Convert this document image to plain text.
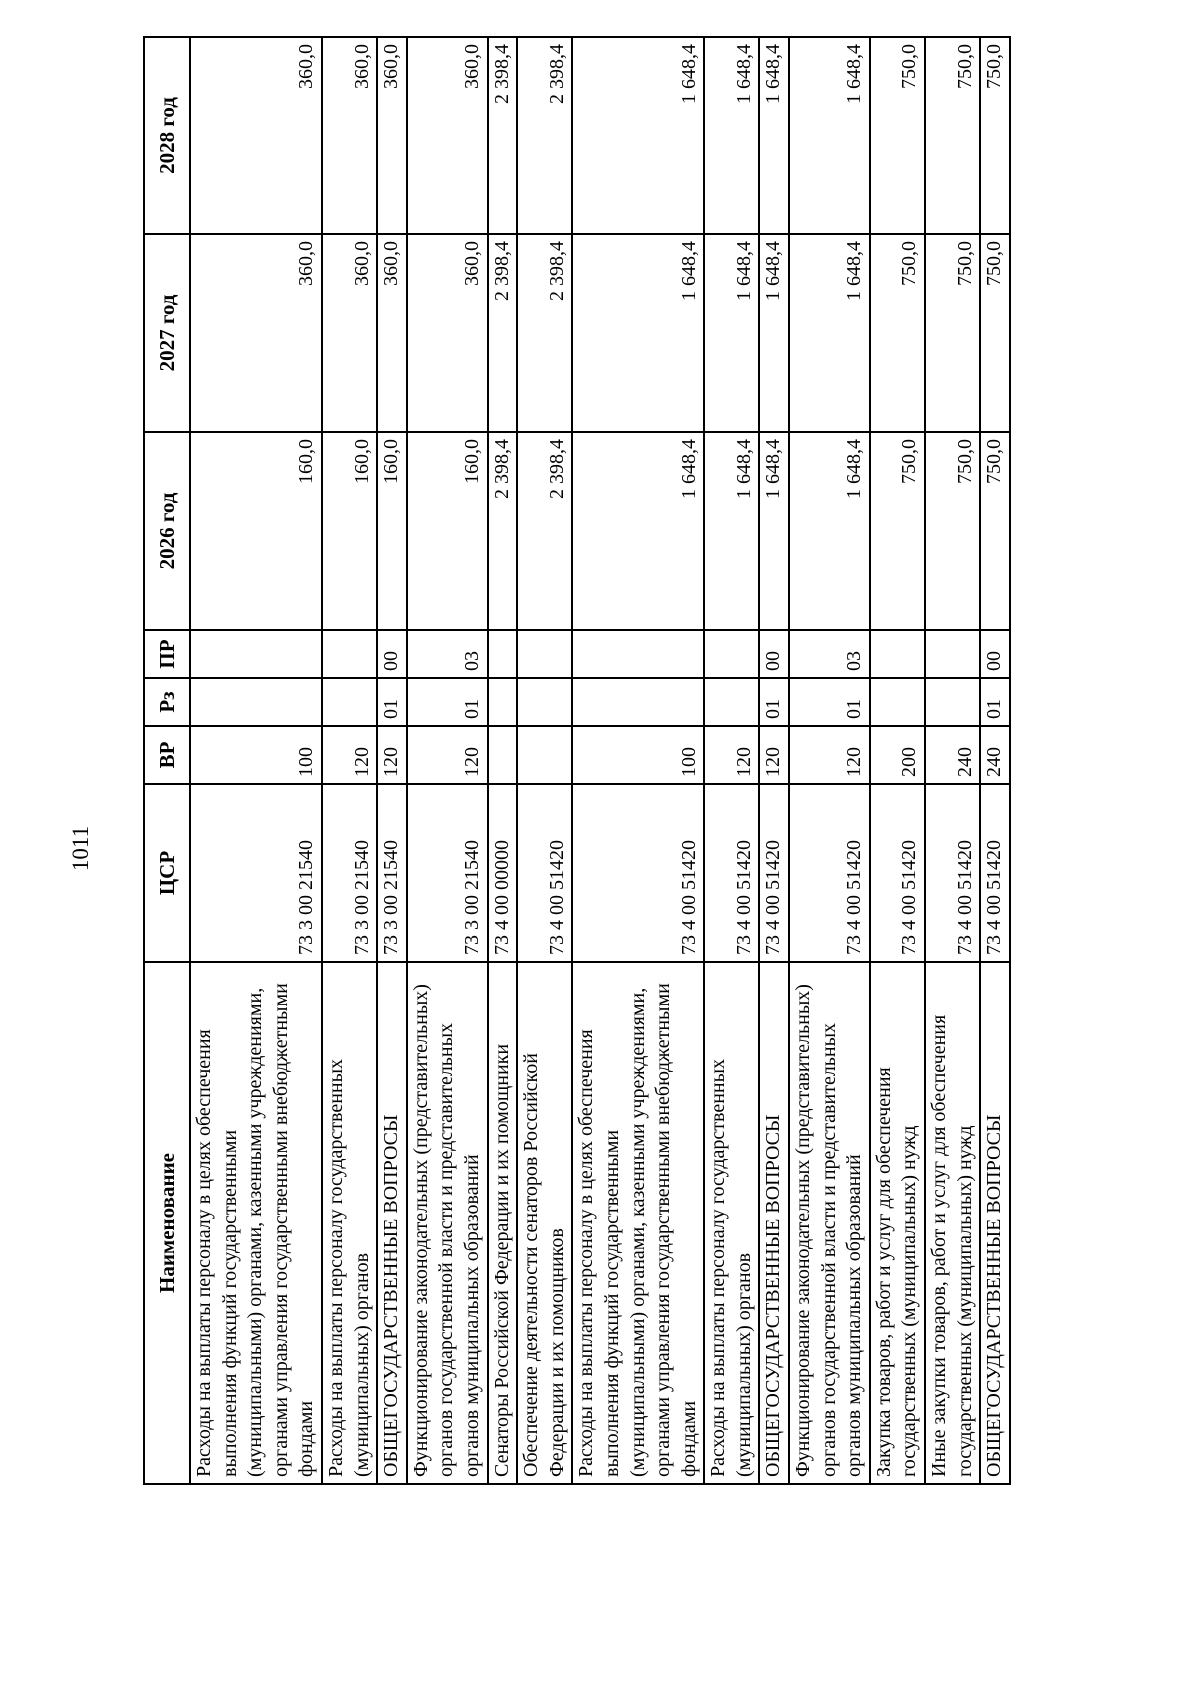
1011
Наименование	ЦСР	ВР	Рз	ПР	2026 год	2027 год	2028 год
Расходы на выплаты персоналу в целях обеспечения выполнения функций государственными (муниципальными) органами, казенными учреждениями, органами управления государственными внебюджетными фондами	73 3 00 21540	100			160,0	360,0	360,0
Расходы на выплаты персоналу государственных (муниципальных) органов	73 3 00 21540	120			160,0	360,0	360,0
ОБЩЕГОСУДАРСТВЕННЫЕ ВОПРОСЫ	73 3 00 21540	120	01	00	160,0	360,0	360,0
Функционирование законодательных (представительных) органов государственной власти и представительных органов муниципальных образований	73 3 00 21540	120	01	03	160,0	360,0	360,0
Сенаторы Российской Федерации и их помощники	73 4 00 00000				2 398,4	2 398,4	2 398,4
Обеспечение деятельности сенаторов Российской Федерации и их помощников	73 4 00 51420				2 398,4	2 398,4	2 398,4
Расходы на выплаты персоналу в целях обеспечения выполнения функций государственными (муниципальными) органами, казенными учреждениями, органами управления государственными внебюджетными фондами	73 4 00 51420	100			1 648,4	1 648,4	1 648,4
Расходы на выплаты персоналу государственных (муниципальных) органов	73 4 00 51420	120			1 648,4	1 648,4	1 648,4
ОБЩЕГОСУДАРСТВЕННЫЕ ВОПРОСЫ	73 4 00 51420	120	01	00	1 648,4	1 648,4	1 648,4
Функционирование законодательных (представительных) органов государственной власти и представительных органов муниципальных образований	73 4 00 51420	120	01	03	1 648,4	1 648,4	1 648,4
Закупка товаров, работ и услуг для обеспечения государственных (муниципальных) нужд	73 4 00 51420	200			750,0	750,0	750,0
Иные закупки товаров, работ и услуг для обеспечения государственных (муниципальных) нужд	73 4 00 51420	240			750,0	750,0	750,0
ОБЩЕГОСУДАРСТВЕННЫЕ ВОПРОСЫ	73 4 00 51420	240	01	00	750,0	750,0	750,0
